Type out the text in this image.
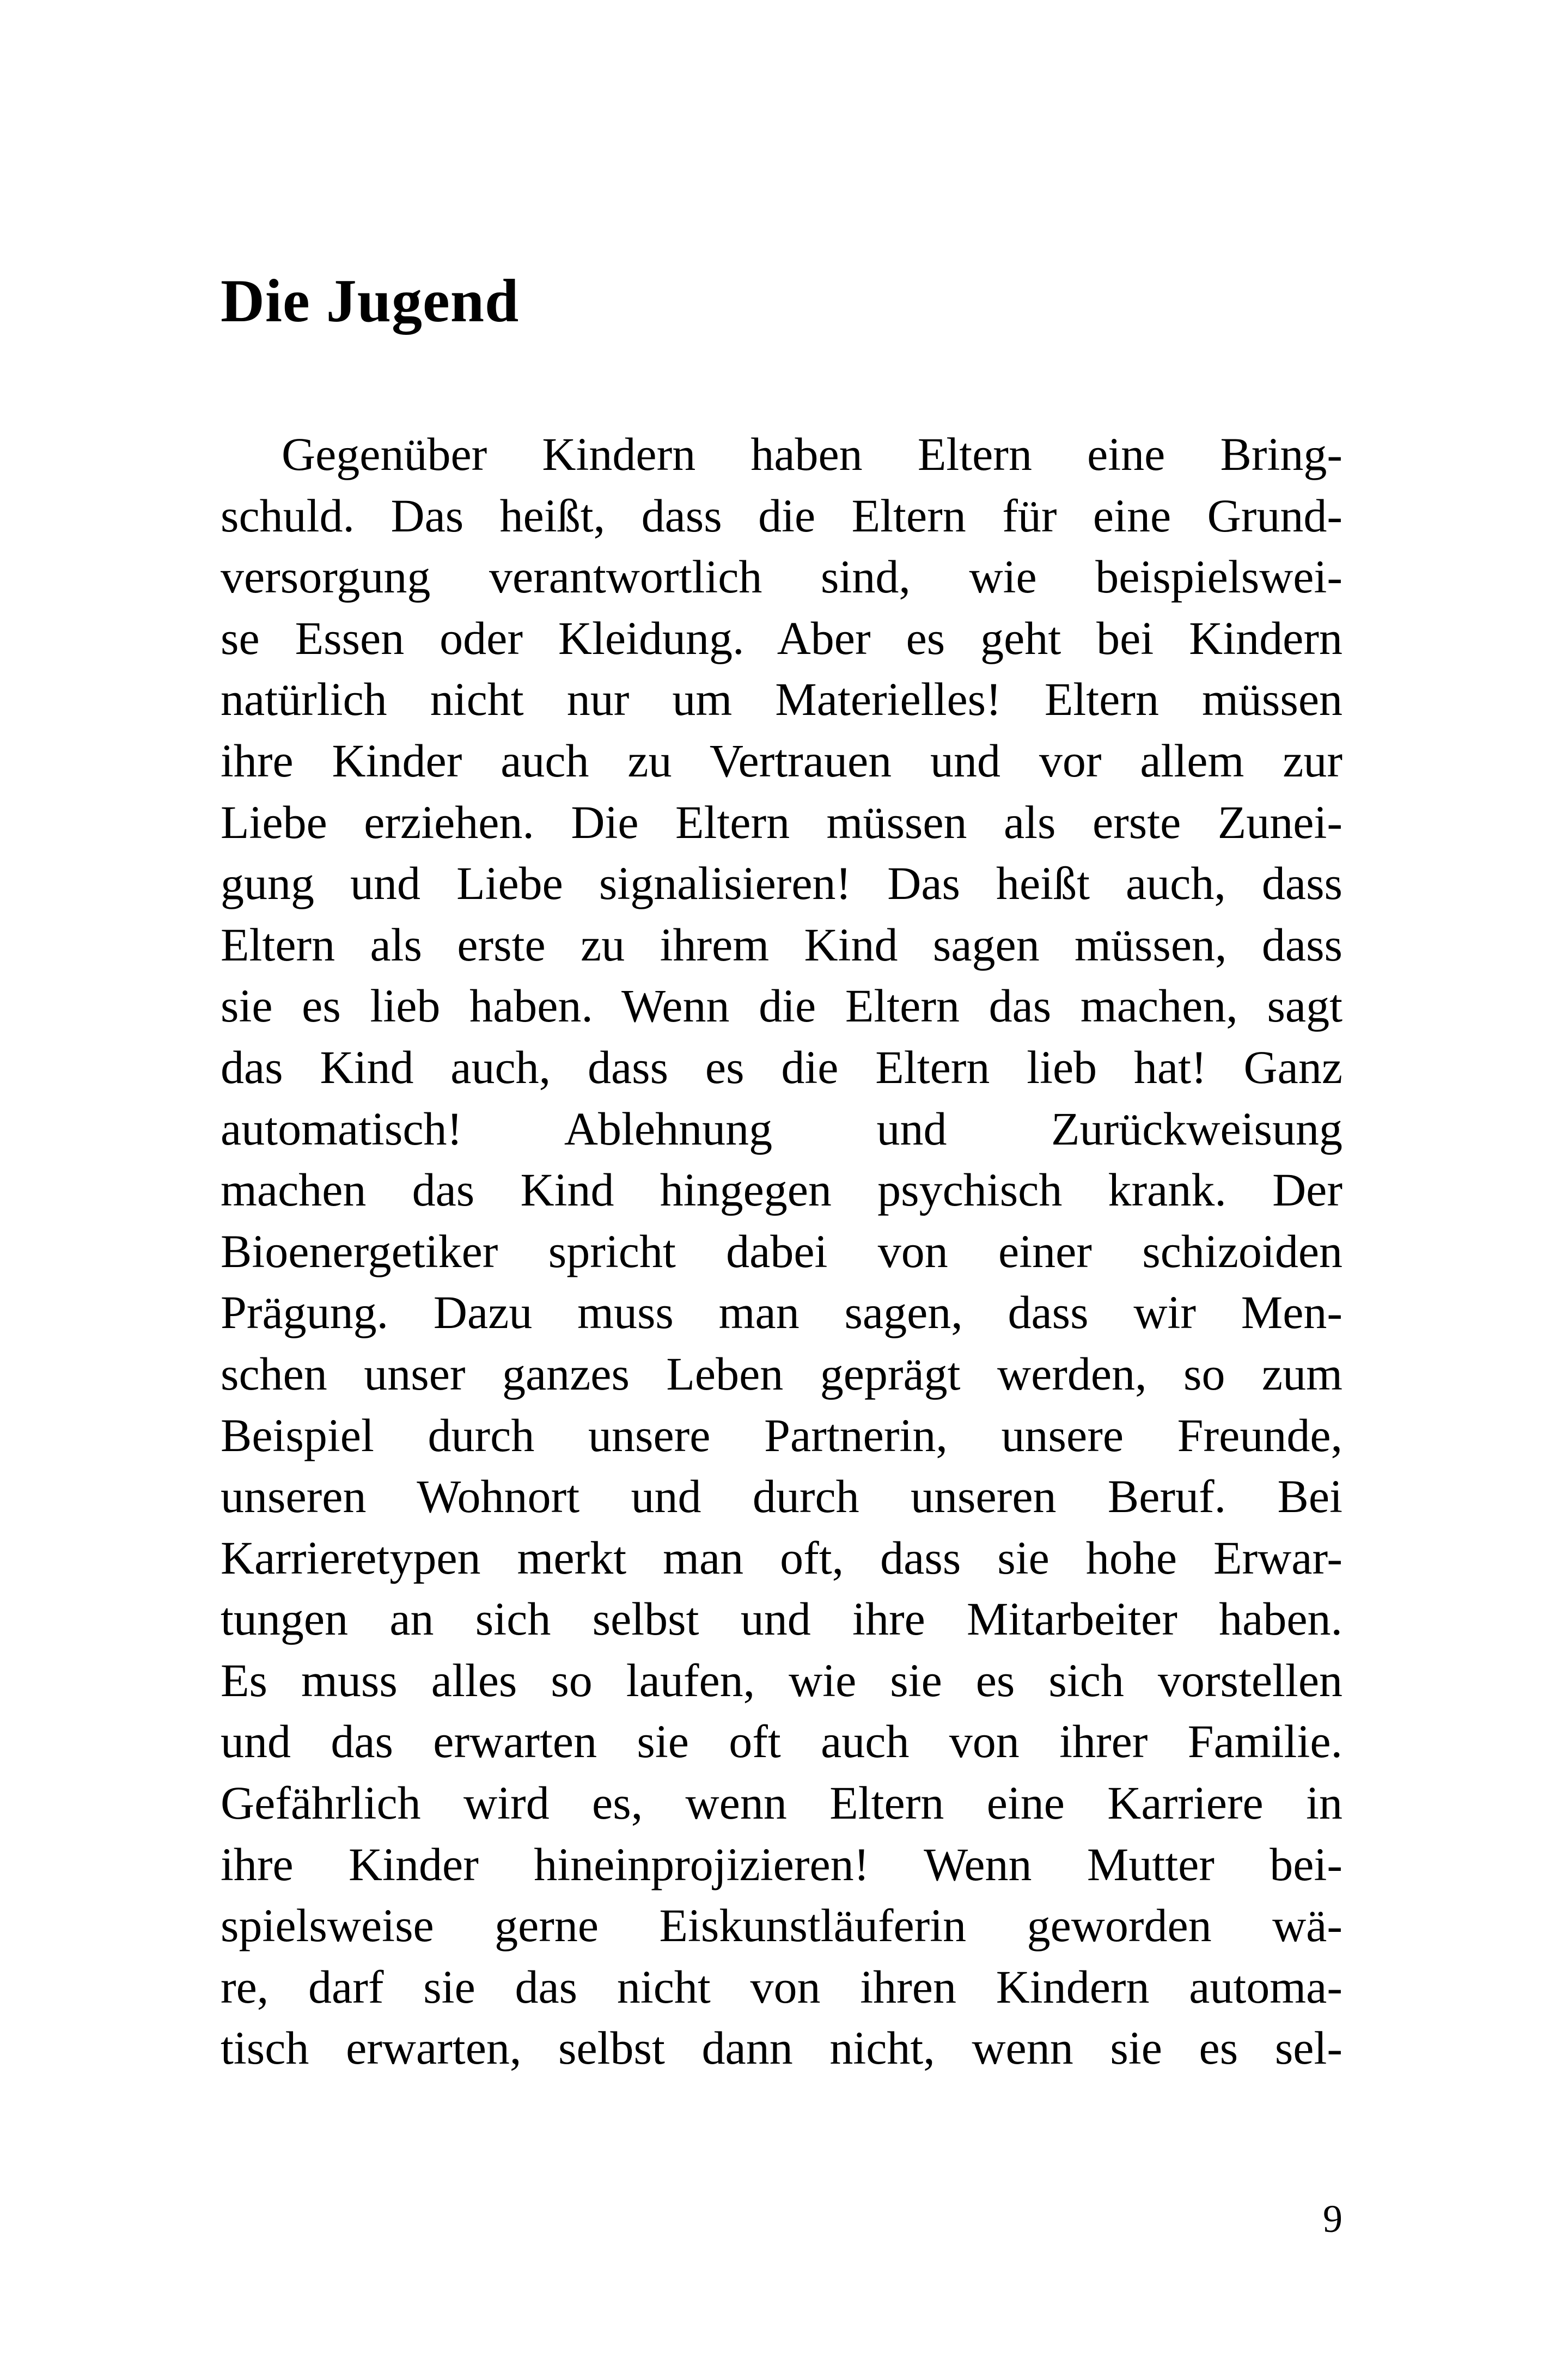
Die Jugend
Gegenüber Kindern haben Eltern eine Bring-
schuld. Das heißt, dass die Eltern für eine Grund-
versorgung verantwortlich sind, wie beispielswei-
se Essen oder Kleidung. Aber es geht bei Kindern
natürlich nicht nur um Materielles! Eltern müssen
ihre Kinder auch zu Vertrauen und vor allem zur
Liebe erziehen. Die Eltern müssen als erste Zunei-
gung und Liebe signalisieren! Das heißt auch, dass
Eltern als erste zu ihrem Kind sagen müssen, dass
sie es lieb haben. Wenn die Eltern das machen, sagt
das Kind auch, dass es die Eltern lieb hat! Ganz
automatisch! Ablehnung und Zurückweisung
machen das Kind hingegen psychisch krank. Der
Bioenergetiker spricht dabei von einer schizoiden
Prägung. Dazu muss man sagen, dass wir Men-
schen unser ganzes Leben geprägt werden, so zum
Beispiel durch unsere Partnerin, unsere Freunde,
unseren Wohnort und durch unseren Beruf. Bei
Karrieretypen merkt man oft, dass sie hohe Erwar-
tungen an sich selbst und ihre Mitarbeiter haben.
Es muss alles so laufen, wie sie es sich vorstellen
und das erwarten sie oft auch von ihrer Familie.
Gefährlich wird es, wenn Eltern eine Karriere in
ihre Kinder hineinprojizieren! Wenn Mutter bei-
spielsweise gerne Eiskunstläuferin geworden wä-
re, darf sie das nicht von ihren Kindern automa-
tisch erwarten, selbst dann nicht, wenn sie es sel-

9
